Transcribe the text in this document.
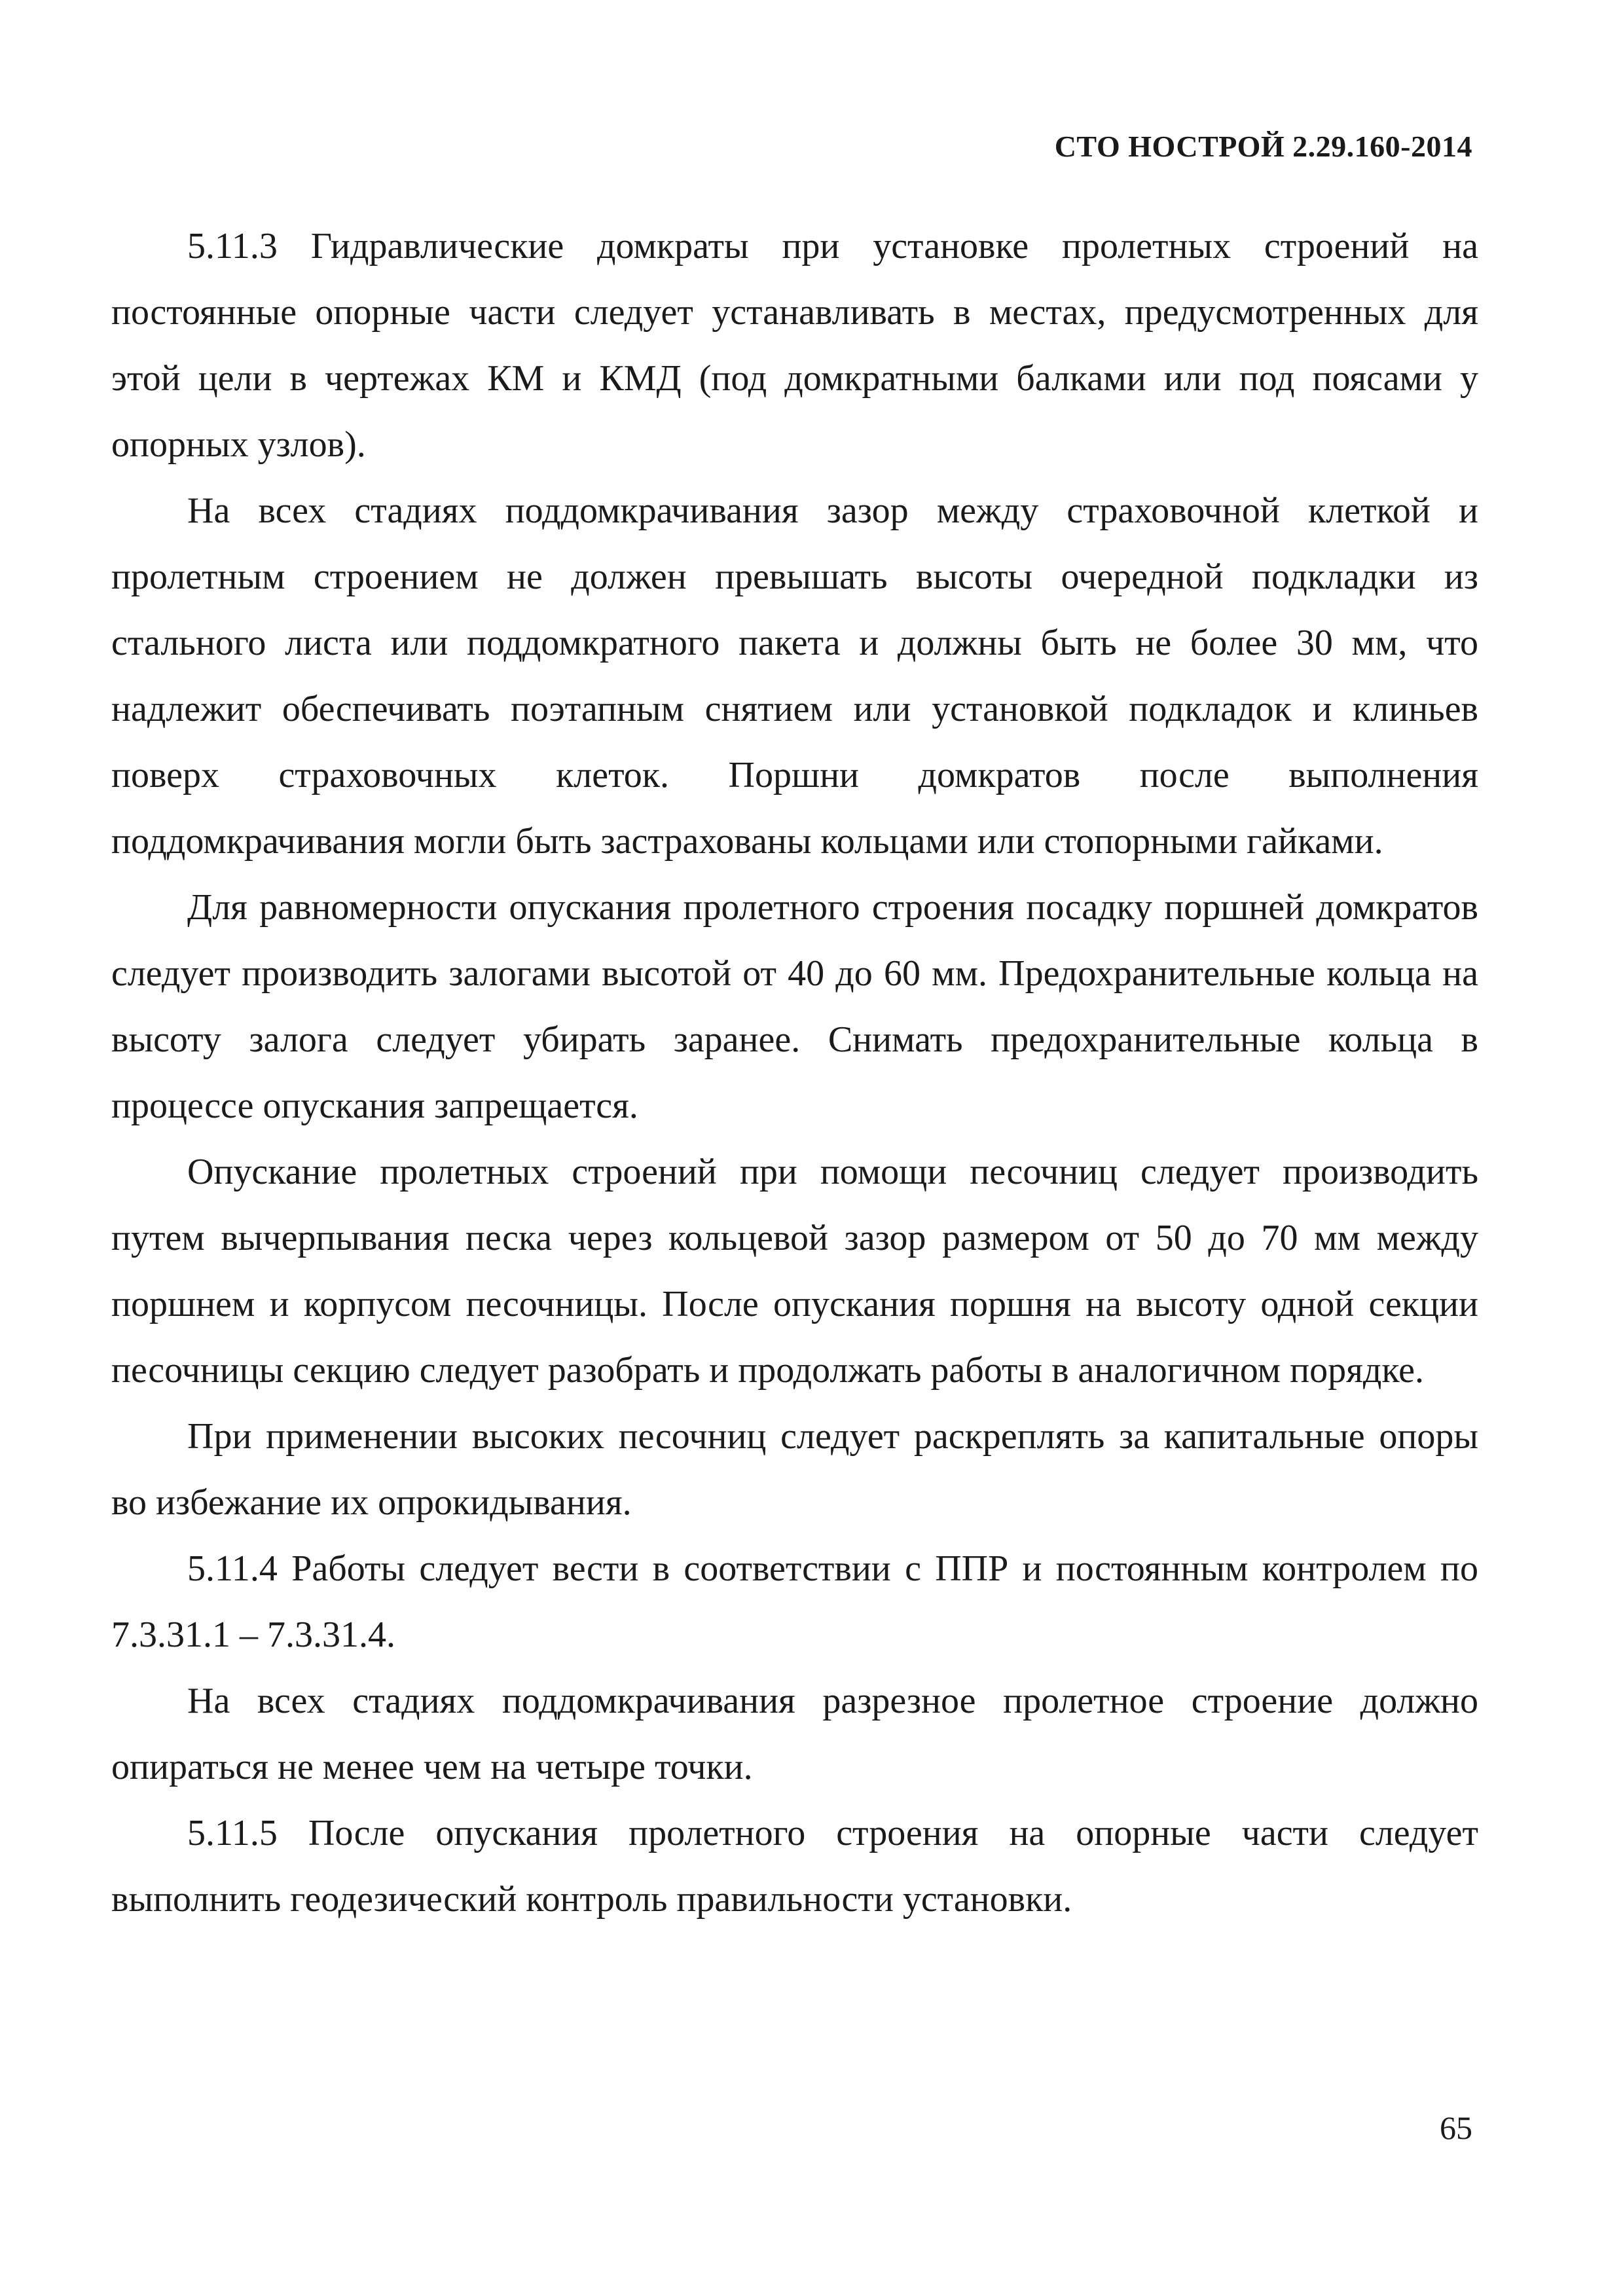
СТО НОСТРОЙ 2.29.160-2014

5.11.3 Гидравлические домкраты при установке пролетных строений на постоянные опорные части следует устанавливать в местах, предусмотренных для этой цели в чертежах КМ и КМД (под домкратными балками или под поясами у опорных узлов).

На всех стадиях поддомкрачивания зазор между страховочной клеткой и пролетным строением не должен превышать высоты очередной подкладки из стального листа или поддомкратного пакета и должны быть не более 30 мм, что надлежит обеспечивать поэтапным снятием или установкой подкладок и клиньев поверх страховочных клеток. Поршни домкратов после выполнения поддомкрачивания могли быть застрахованы кольцами или стопорными гайками.

Для равномерности опускания пролетного строения посадку поршней домкратов следует производить залогами высотой от 40 до 60 мм. Предохранительные кольца на высоту залога следует убирать заранее. Снимать предохранительные кольца в процессе опускания запрещается.

Опускание пролетных строений при помощи песочниц следует производить путем вычерпывания песка через кольцевой зазор размером от 50 до 70 мм между поршнем и корпусом песочницы. После опускания поршня на высоту одной секции песочницы секцию следует разобрать и продолжать работы в аналогичном порядке.

При применении высоких песочниц следует раскреплять за капитальные опоры во избежание их опрокидывания.

5.11.4 Работы следует вести в соответствии с ППР и постоянным контролем по 7.3.31.1 – 7.3.31.4.

На всех стадиях поддомкрачивания разрезное пролетное строение должно опираться не менее чем на четыре точки.

5.11.5 После опускания пролетного строения на опорные части следует выполнить геодезический контроль правильности установки.

65
